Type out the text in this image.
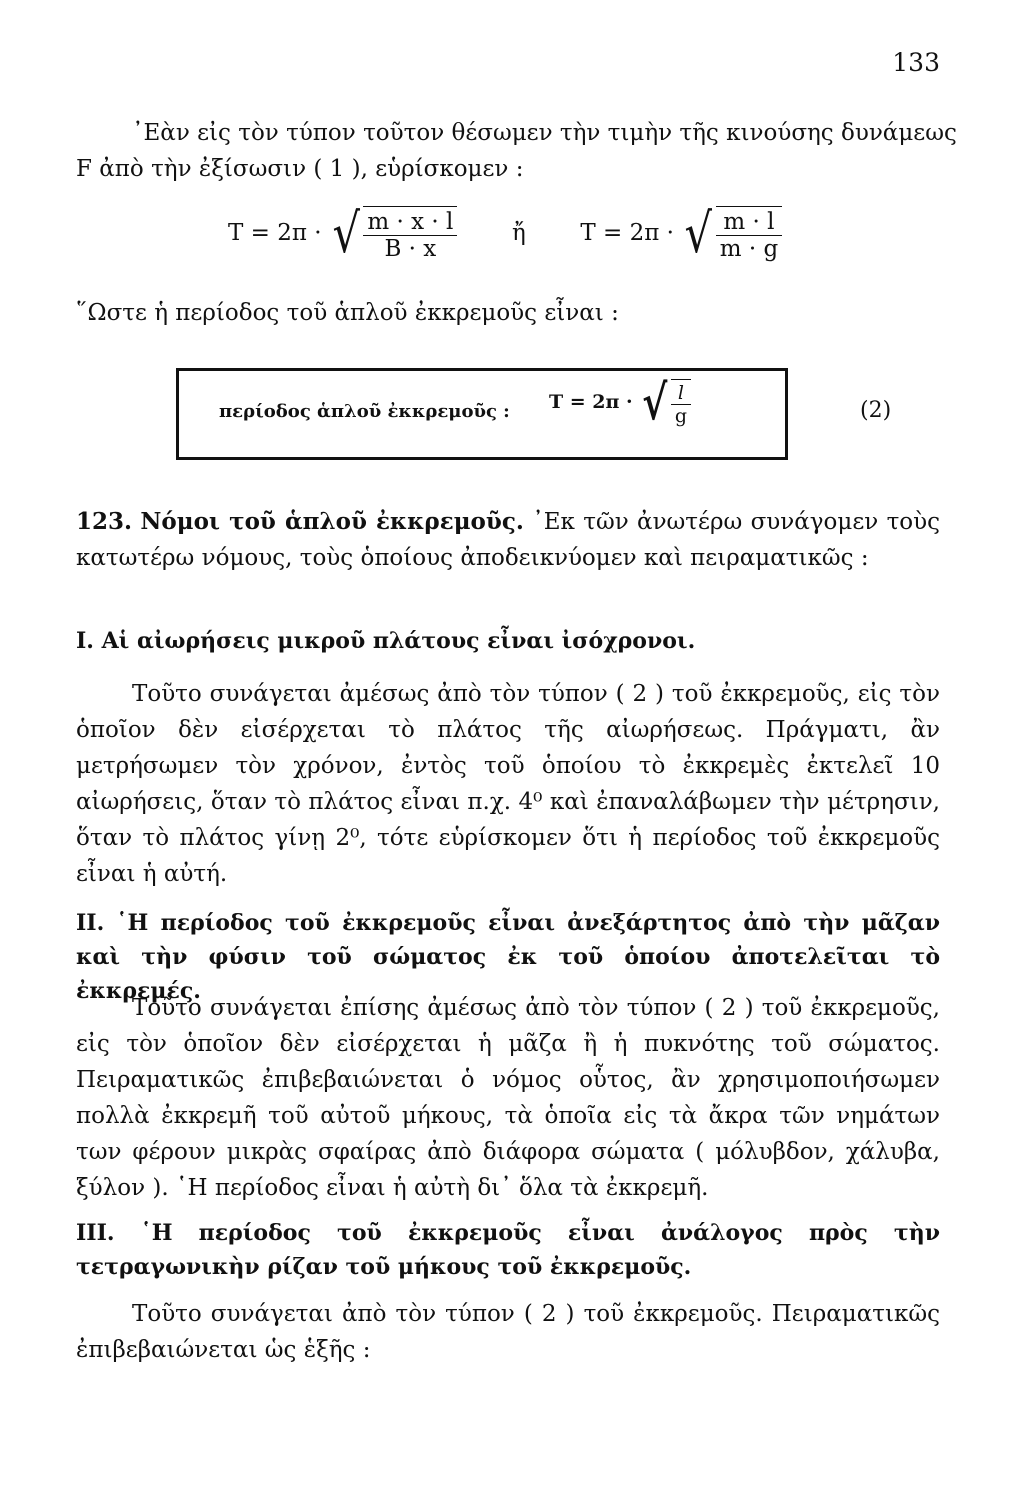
133
᾿Εὰν εἰς τὸν τύπον τοῦτον θέσωμεν τὴν τιμὴν τῆς κινούσης δυνάμεως
F ἀπὸ τὴν ἐξίσωσιν ( 1 ), εὑρίσκομεν :
T = 2π · √ $\frac{m \cdot x \cdot l}{B \cdot x}$ ἤ T = 2π · √ $\frac{m \cdot l}{m \cdot g}$
῞Ωστε ἡ περίοδος τοῦ ἁπλοῦ ἐκκρεμοῦς εἶναι :
περίοδος ἁπλοῦ ἐκκρεμοῦς : T = 2π · √ $\frac{l}{g}$	(2)
123. Νόμοι τοῦ ἁπλοῦ ἐκκρεμοῦς. ᾿Εκ τῶν ἀνωτέρω συνάγομεν τοὺς κατωτέρω νόμους, τοὺς ὁποίους ἀποδεικνύομεν καὶ πειραματικῶς :
I. Αἱ αἰωρήσεις μικροῦ πλάτους εἶναι ἰσόχρονοι.
Τοῦτο συνάγεται ἀμέσως ἀπὸ τὸν τύπον ( 2 ) τοῦ ἐκκρεμοῦς, εἰς τὸν ὁποῖον δὲν εἰσέρχεται τὸ πλάτος τῆς αἰωρήσεως. Πράγματι, ἂν μετρήσωμεν τὸν χρόνον, ἐντὸς τοῦ ὁποίου τὸ ἐκκρεμὲς ἐκτελεῖ 10 αἰωρήσεις, ὅταν τὸ πλάτος εἶναι π.χ. 4⁰ καὶ ἐπαναλάβωμεν τὴν μέτρησιν, ὅταν τὸ πλάτος γίνῃ 2⁰, τότε εὑρίσκομεν ὅτι ἡ περίοδος τοῦ ἐκκρεμοῦς εἶναι ἡ αὐτή.
II. ῾Η περίοδος τοῦ ἐκκρεμοῦς εἶναι ἀνεξάρτητος ἀπὸ τὴν μᾶζαν καὶ τὴν φύσιν τοῦ σώματος ἐκ τοῦ ὁποίου ἀποτελεῖται τὸ ἐκκρεμές.
Τοῦτο συνάγεται ἐπίσης ἀμέσως ἀπὸ τὸν τύπον ( 2 ) τοῦ ἐκκρεμοῦς, εἰς τὸν ὁποῖον δὲν εἰσέρχεται ἡ μᾶζα ἢ ἡ πυκνότης τοῦ σώματος. Πειραματικῶς ἐπιβεβαιώνεται ὁ νόμος οὗτος, ἂν χρησιμοποιήσωμεν πολλὰ ἐκκρεμῆ τοῦ αὐτοῦ μήκους, τὰ ὁποῖα εἰς τὰ ἄκρα τῶν νημάτων των φέρουν μικρὰς σφαίρας ἀπὸ διάφορα σώματα ( μόλυβδον, χάλυβα, ξύλον ). ῾Η περίοδος εἶναι ἡ αὐτὴ δι᾿ ὅλα τὰ ἐκκρεμῆ.
III. ῾Η περίοδος τοῦ ἐκκρεμοῦς εἶναι ἀνάλογος πρὸς τὴν τετραγωνικὴν ρίζαν τοῦ μήκους τοῦ ἐκκρεμοῦς.
Τοῦτο συνάγεται ἀπὸ τὸν τύπον ( 2 ) τοῦ ἐκκρεμοῦς. Πειραματικῶς ἐπιβεβαιώνεται ὡς ἑξῆς :
